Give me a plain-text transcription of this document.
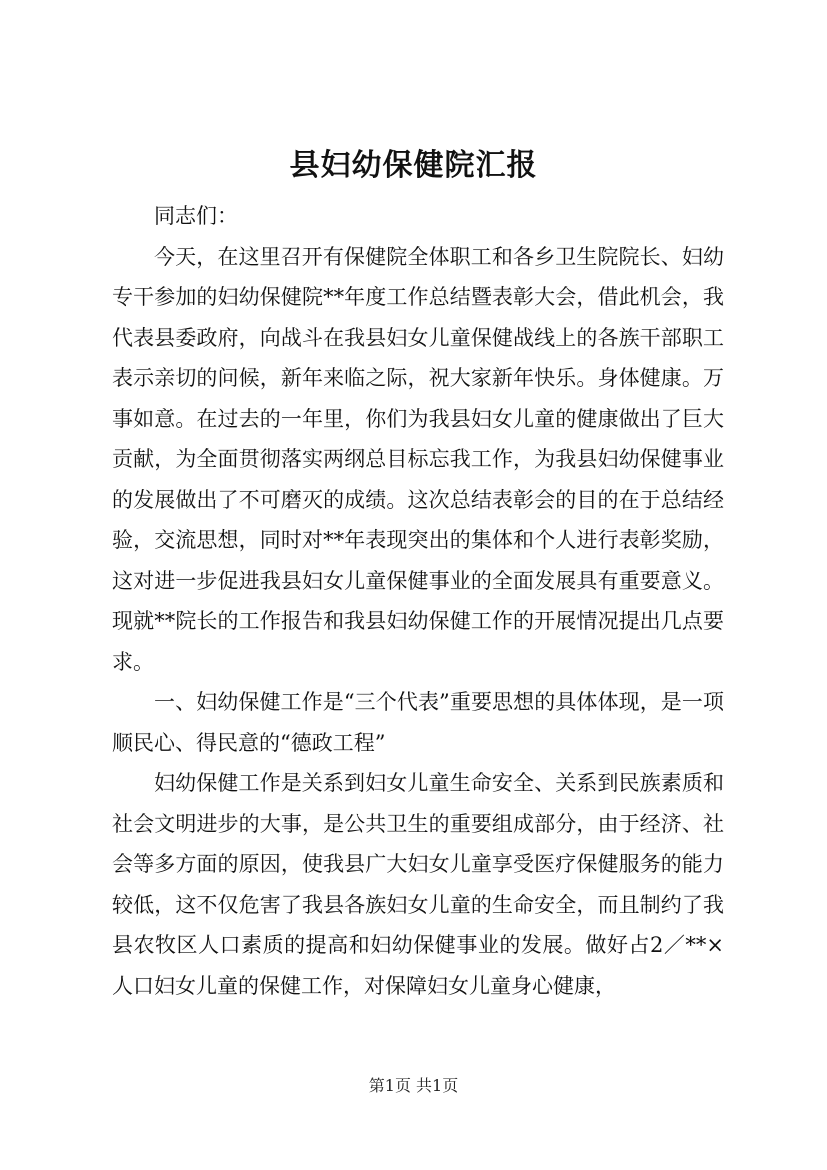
县妇幼保健院汇报

同志们：

今天，在这里召开有保健院全体职工和各乡卫生院院长、妇幼专干参加的妇幼保健院**年度工作总结暨表彰大会，借此机会，我代表县委政府，向战斗在我县妇女儿童保健战线上的各族干部职工表示亲切的问候，新年来临之际，祝大家新年快乐。身体健康。万事如意。在过去的一年里，你们为我县妇女儿童的健康做出了巨大贡献，为全面贯彻落实两纲总目标忘我工作，为我县妇幼保健事业的发展做出了不可磨灭的成绩。这次总结表彰会的目的在于总结经验，交流思想，同时对**年表现突出的集体和个人进行表彰奖励，这对进一步促进我县妇女儿童保健事业的全面发展具有重要意义。现就**院长的工作报告和我县妇幼保健工作的开展情况提出几点要求。

一、妇幼保健工作是“三个代表”重要思想的具体体现，是一项顺民心、得民意的“德政工程”

妇幼保健工作是关系到妇女儿童生命安全、关系到民族素质和社会文明进步的大事，是公共卫生的重要组成部分，由于经济、社会等多方面的原因，使我县广大妇女儿童享受医疗保健服务的能力较低，这不仅危害了我县各族妇女儿童的生命安全，而且制约了我县农牧区人口素质的提高和妇幼保健事业的发展。做好占2／**×人口妇女儿童的保健工作，对保障妇女儿童身心健康，

第1页 共1页
